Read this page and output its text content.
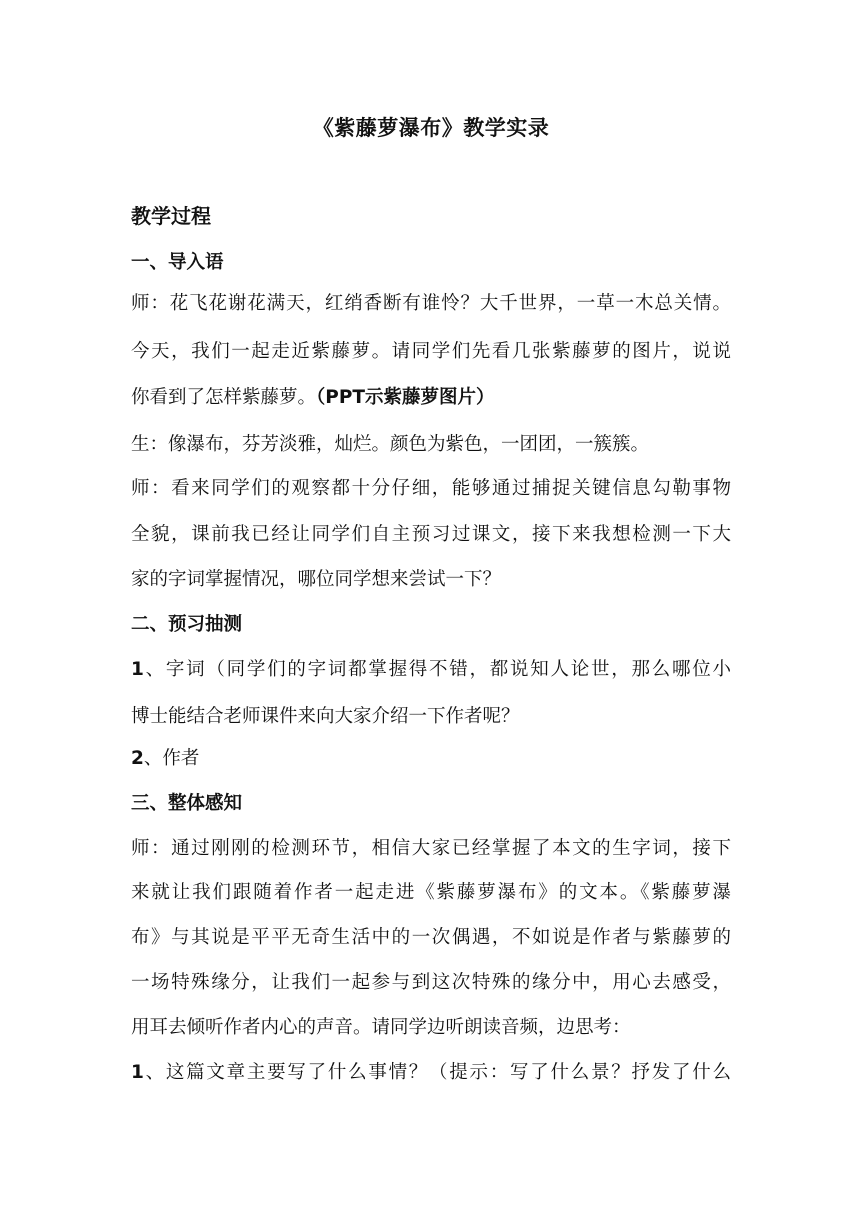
《紫藤萝瀑布》教学实录
教学过程
一、导入语
师：花飞花谢花满天，红绡香断有谁怜？大千世界，一草一木总关情。
今天，我们一起走近紫藤萝。请同学们先看几张紫藤萝的图片，说说
你看到了怎样紫藤萝。（PPT示紫藤萝图片）
生：像瀑布，芬芳淡雅，灿烂。颜色为紫色，一团团，一簇簇。
师：看来同学们的观察都十分仔细，能够通过捕捉关键信息勾勒事物
全貌，课前我已经让同学们自主预习过课文，接下来我想检测一下大
家的字词掌握情况，哪位同学想来尝试一下？
二、预习抽测
1、字词（同学们的字词都掌握得不错，都说知人论世，那么哪位小
博士能结合老师课件来向大家介绍一下作者呢？
2、作者
三、整体感知
师：通过刚刚的检测环节，相信大家已经掌握了本文的生字词，接下
来就让我们跟随着作者一起走进《紫藤萝瀑布》的文本。《紫藤萝瀑
布》与其说是平平无奇生活中的一次偶遇，不如说是作者与紫藤萝的
一场特殊缘分，让我们一起参与到这次特殊的缘分中，用心去感受，
用耳去倾听作者内心的声音。请同学边听朗读音频，边思考：
1、这篇文章主要写了什么事情？（提示：写了什么景？抒发了什么
